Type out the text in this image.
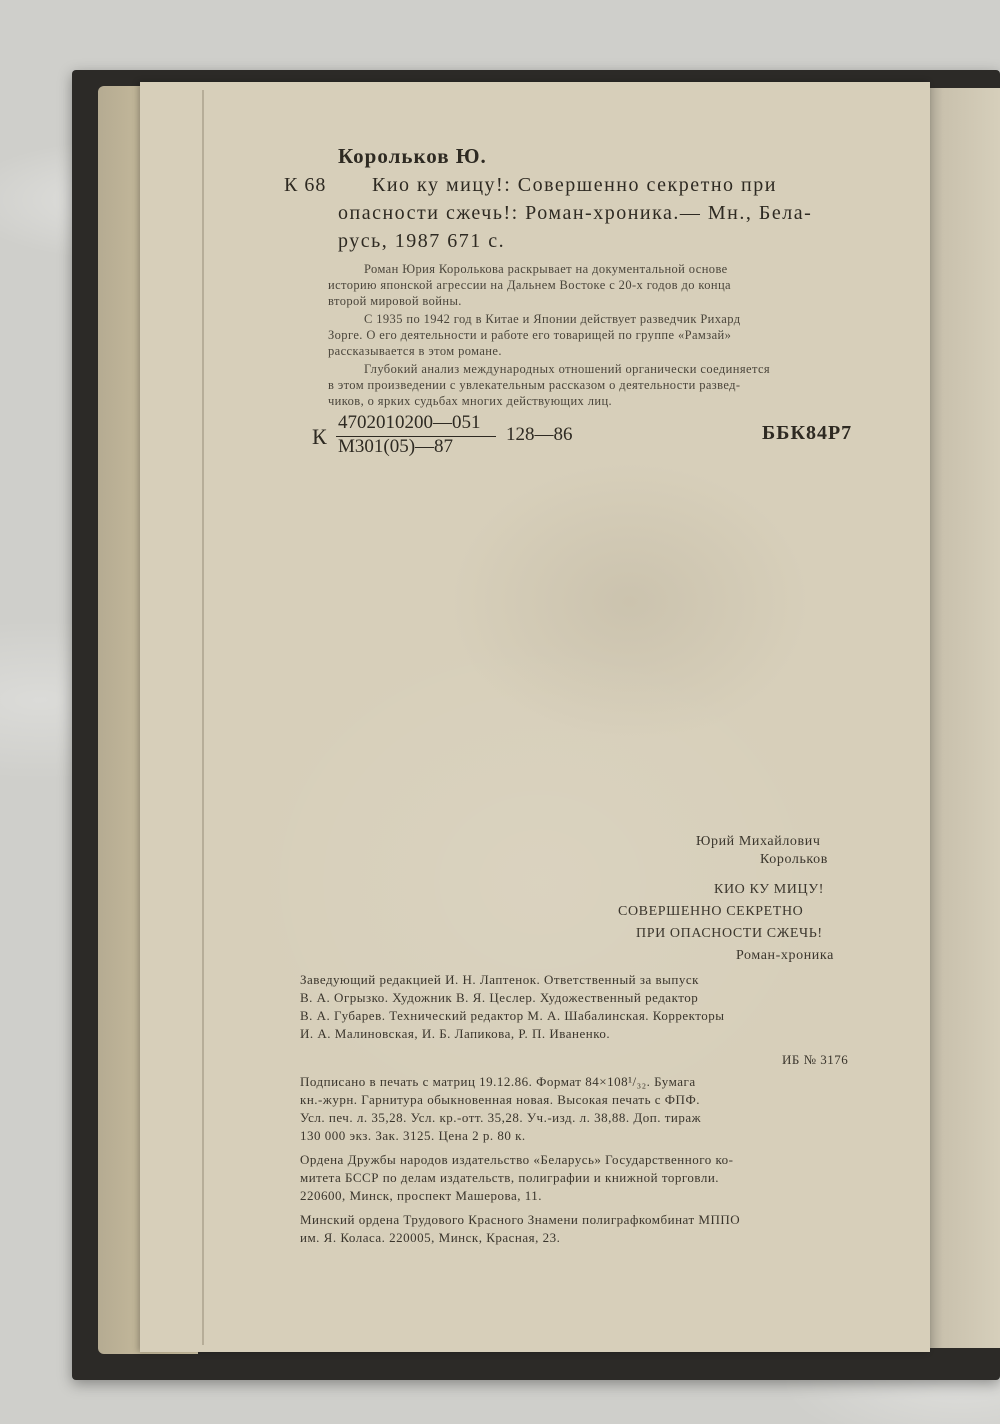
Корольков Ю.
К 68 Кио ку мицу!: Совершенно секретно при
опасности сжечь!: Роман-хроника.— Мн., Бела-
русь, 1987 671 с.
Роман Юрия Королькова раскрывает на документальной основе
историю японской агрессии на Дальнем Востоке с 20-х годов до конца
второй мировой войны.
С 1935 по 1942 год в Китае и Японии действует разведчик Рихард
Зорге. О его деятельности и работе его товарищей по группе «Рамзай»
рассказывается в этом романе.
Глубокий анализ международных отношений органически соединяется
К
4702010200—051
М301(05)—87
128—86	ББК84Р7
Юрий Михайлович
Корольков
КИО КУ МИЦУ!
СОВЕРШЕННО СЕКРЕТНО
ПРИ ОПАСНОСТИ СЖЕЧЬ!
Роман-хроника
Заведующий редакцией И. Н. Лаптенок. Ответственный за выпуск
В. А. Огрызко. Художник В. Я. Цеслер. Художественный редактор
В. А. Губарев. Технический редактор М. А. Шабалинская. Корректоры
И. А. Малиновская, И. Б. Лапикова, Р. П. Иваненко.
ИБ № 3176
Подписано в печать с матриц 19.12.86. Формат 84×108¹/₃₂. Бумага
кн.-журн. Гарнитура обыкновенная новая. Высокая печать с ФПФ.
Усл. печ. л. 35,28. Усл. кр.-отт. 35,28. Уч.-изд. л. 38,88. Доп. тираж
130 000 экз. Зак. 3125. Цена 2 р. 80 к.
Ордена Дружбы народов издательство «Беларусь» Государственного ко-
митета БССР по делам издательств, полиграфии и книжной торговли.
220600, Минск, проспект Машерова, 11.
Минский ордена Трудового Красного Знамени полиграфкомбинат МППО
им. Я. Коласа. 220005, Минск, Красная, 23.
в этом произведении с увлекательным рассказом о деятельности развед-
чиков, о ярких судьбах многих действующих лиц.
